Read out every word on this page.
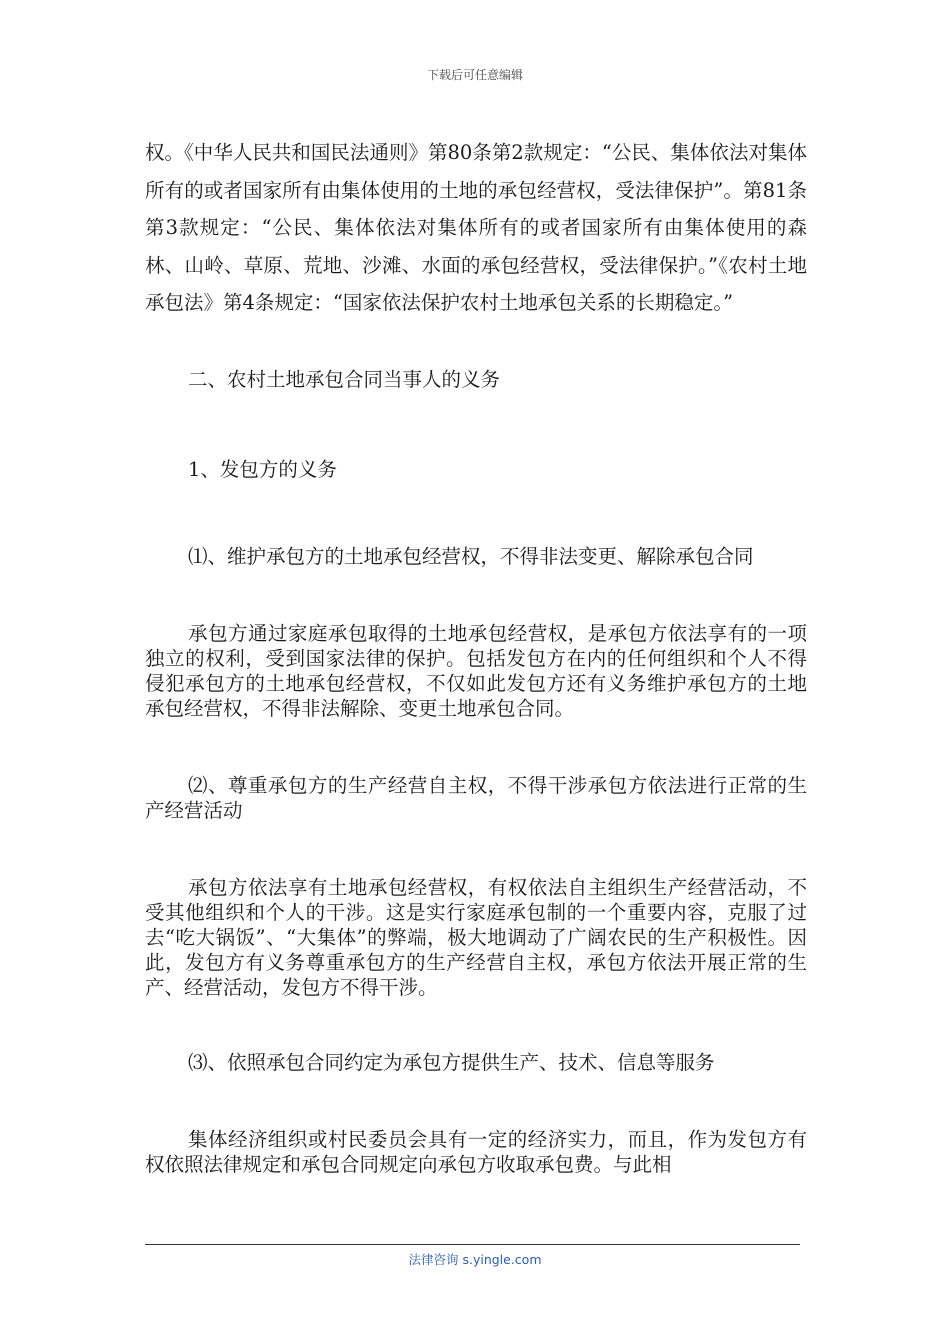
下载后可任意编辑

权。《中华人民共和国民法通则》第80条第2款规定：“公民、集体依法对集体所有的或者国家所有由集体使用的土地的承包经营权，受法律保护”。第81条第3款规定：“公民、集体依法对集体所有的或者国家所有由集体使用的森林、山岭、草原、荒地、沙滩、水面的承包经营权，受法律保护。”《农村土地承包法》第4条规定：“国家依法保护农村土地承包关系的长期稳定。”

二、农村土地承包合同当事人的义务

1、发包方的义务

⑴、维护承包方的土地承包经营权，不得非法变更、解除承包合同

承包方通过家庭承包取得的土地承包经营权，是承包方依法享有的一项独立的权利，受到国家法律的保护。包括发包方在内的任何组织和个人不得侵犯承包方的土地承包经营权，不仅如此发包方还有义务维护承包方的土地承包经营权，不得非法解除、变更土地承包合同。

⑵、尊重承包方的生产经营自主权，不得干涉承包方依法进行正常的生产经营活动

承包方依法享有土地承包经营权，有权依法自主组织生产经营活动，不受其他组织和个人的干涉。这是实行家庭承包制的一个重要内容，克服了过去“吃大锅饭”、“大集体”的弊端，极大地调动了广阔农民的生产积极性。因此，发包方有义务尊重承包方的生产经营自主权，承包方依法开展正常的生产、经营活动，发包方不得干涉。

⑶、依照承包合同约定为承包方提供生产、技术、信息等服务

集体经济组织或村民委员会具有一定的经济实力，而且，作为发包方有权依照法律规定和承包合同规定向承包方收取承包费。与此相

法律咨询 s.yingle.com
